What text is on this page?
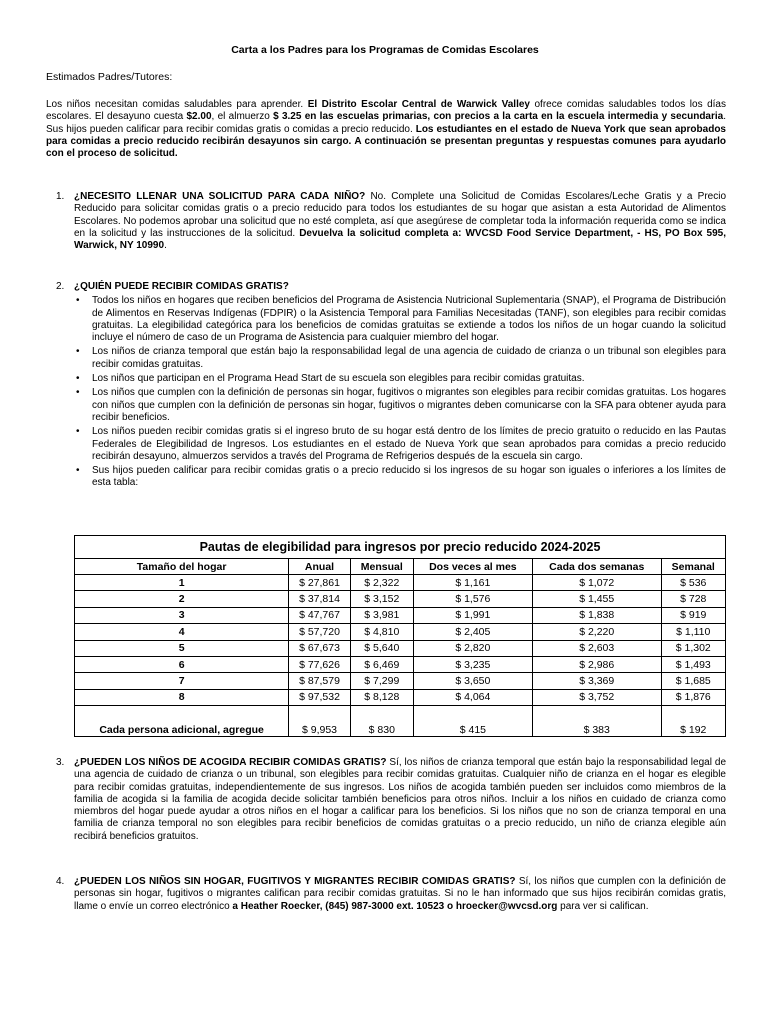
Carta a los Padres para los Programas de Comidas Escolares
Estimados Padres/Tutores:
Los niños necesitan comidas saludables para aprender. El Distrito Escolar Central de Warwick Valley ofrece comidas saludables todos los días escolares. El desayuno cuesta $2.00, el almuerzo $ 3.25 en las escuelas primarias, con precios a la carta en la escuela intermedia y secundaria. Sus hijos pueden calificar para recibir comidas gratis o comidas a precio reducido. Los estudiantes en el estado de Nueva York que sean aprobados para comidas a precio reducido recibirán desayunos sin cargo. A continuación se presentan preguntas y respuestas comunes para ayudarlo con el proceso de solicitud.
1. ¿NECESITO LLENAR UNA SOLICITUD PARA CADA NIÑO? No. Complete una Solicitud de Comidas Escolares/Leche Gratis y a Precio Reducido para solicitar comidas gratis o a precio reducido para todos los estudiantes de su hogar que asistan a esta Autoridad de Alimentos Escolares. No podemos aprobar una solicitud que no esté completa, así que asegúrese de completar toda la información requerida como se indica en la solicitud y las instrucciones de la solicitud. Devuelva la solicitud completa a: WVCSD Food Service Department, - HS, PO Box 595, Warwick, NY 10990.
2. ¿QUIÉN PUEDE RECIBIR COMIDAS GRATIS?
• Todos los niños en hogares que reciben beneficios del Programa de Asistencia Nutricional Suplementaria (SNAP), el Programa de Distribución de Alimentos en Reservas Indígenas (FDPIR) o la Asistencia Temporal para Familias Necesitadas (TANF), son elegibles para recibir comidas gratuitas. La elegibilidad categórica para los beneficios de comidas gratuitas se extiende a todos los niños de un hogar cuando la solicitud incluye el número de caso de un Programa de Asistencia para cualquier miembro del hogar.
• Los niños de crianza temporal que están bajo la responsabilidad legal de una agencia de cuidado de crianza o un tribunal son elegibles para recibir comidas gratuitas.
• Los niños que participan en el Programa Head Start de su escuela son elegibles para recibir comidas gratuitas.
• Los niños que cumplen con la definición de personas sin hogar, fugitivos o migrantes son elegibles para recibir comidas gratuitas. Los hogares con niños que cumplen con la definición de personas sin hogar, fugitivos o migrantes deben comunicarse con la SFA para obtener ayuda para recibir beneficios.
• Los niños pueden recibir comidas gratis si el ingreso bruto de su hogar está dentro de los límites de precio gratuito o reducido en las Pautas Federales de Elegibilidad de Ingresos. Los estudiantes en el estado de Nueva York que sean aprobados para comidas a precio reducido recibirán desayuno, almuerzos servidos a través del Programa de Refrigerios después de la escuela sin cargo.
• Sus hijos pueden calificar para recibir comidas gratis o a precio reducido si los ingresos de su hogar son iguales o inferiores a los límites de esta tabla:
Pautas de elegibilidad para ingresos por precio reducido 2024-2025					
Tamaño del hogar	Anual	Mensual	Dos veces al mes	Cada dos semanas	Semanal
1	$ 27,861	$ 2,322	$ 1,161	$ 1,072	$ 536
2	$ 37,814	$ 3,152	$ 1,576	$ 1,455	$ 728
3	$ 47,767	$ 3,981	$ 1,991	$ 1,838	$ 919
4	$ 57,720	$ 4,810	$ 2,405	$ 2,220	$ 1,110
5	$ 67,673	$ 5,640	$ 2,820	$ 2,603	$ 1,302
6	$ 77,626	$ 6,469	$ 3,235	$ 2,986	$ 1,493
7	$ 87,579	$ 7,299	$ 3,650	$ 3,369	$ 1,685
8	$ 97,532	$ 8,128	$ 4,064	$ 3,752	$ 1,876
Cada persona adicional, agregue	$ 9,953	$ 830	$ 415	$ 383	$ 192
3. ¿PUEDEN LOS NIÑOS DE ACOGIDA RECIBIR COMIDAS GRATIS? Sí, los niños de crianza temporal que están bajo la responsabilidad legal de una agencia de cuidado de crianza o un tribunal, son elegibles para recibir comidas gratuitas. Cualquier niño de crianza en el hogar es elegible para recibir comidas gratuitas, independientemente de sus ingresos. Los niños de acogida también pueden ser incluidos como miembros de la familia de acogida si la familia de acogida decide solicitar también beneficios para otros niños. Incluir a los niños en cuidado de crianza como miembros del hogar puede ayudar a otros niños en el hogar a calificar para los beneficios. Si los niños que no son de crianza temporal en una familia de crianza temporal no son elegibles para recibir beneficios de comidas gratuitas o a precio reducido, un niño de crianza elegible aún recibirá beneficios gratuitos.
4. ¿PUEDEN LOS NIÑOS SIN HOGAR, FUGITIVOS Y MIGRANTES RECIBIR COMIDAS GRATIS? Sí, los niños que cumplen con la definición de personas sin hogar, fugitivos o migrantes califican para recibir comidas gratuitas. Si no le han informado que sus hijos recibirán comidas gratis, llame o envíe un correo electrónico a Heather Roecker, (845) 987-3000 ext. 10523 o hroecker@wvcsd.org para ver si califican.
